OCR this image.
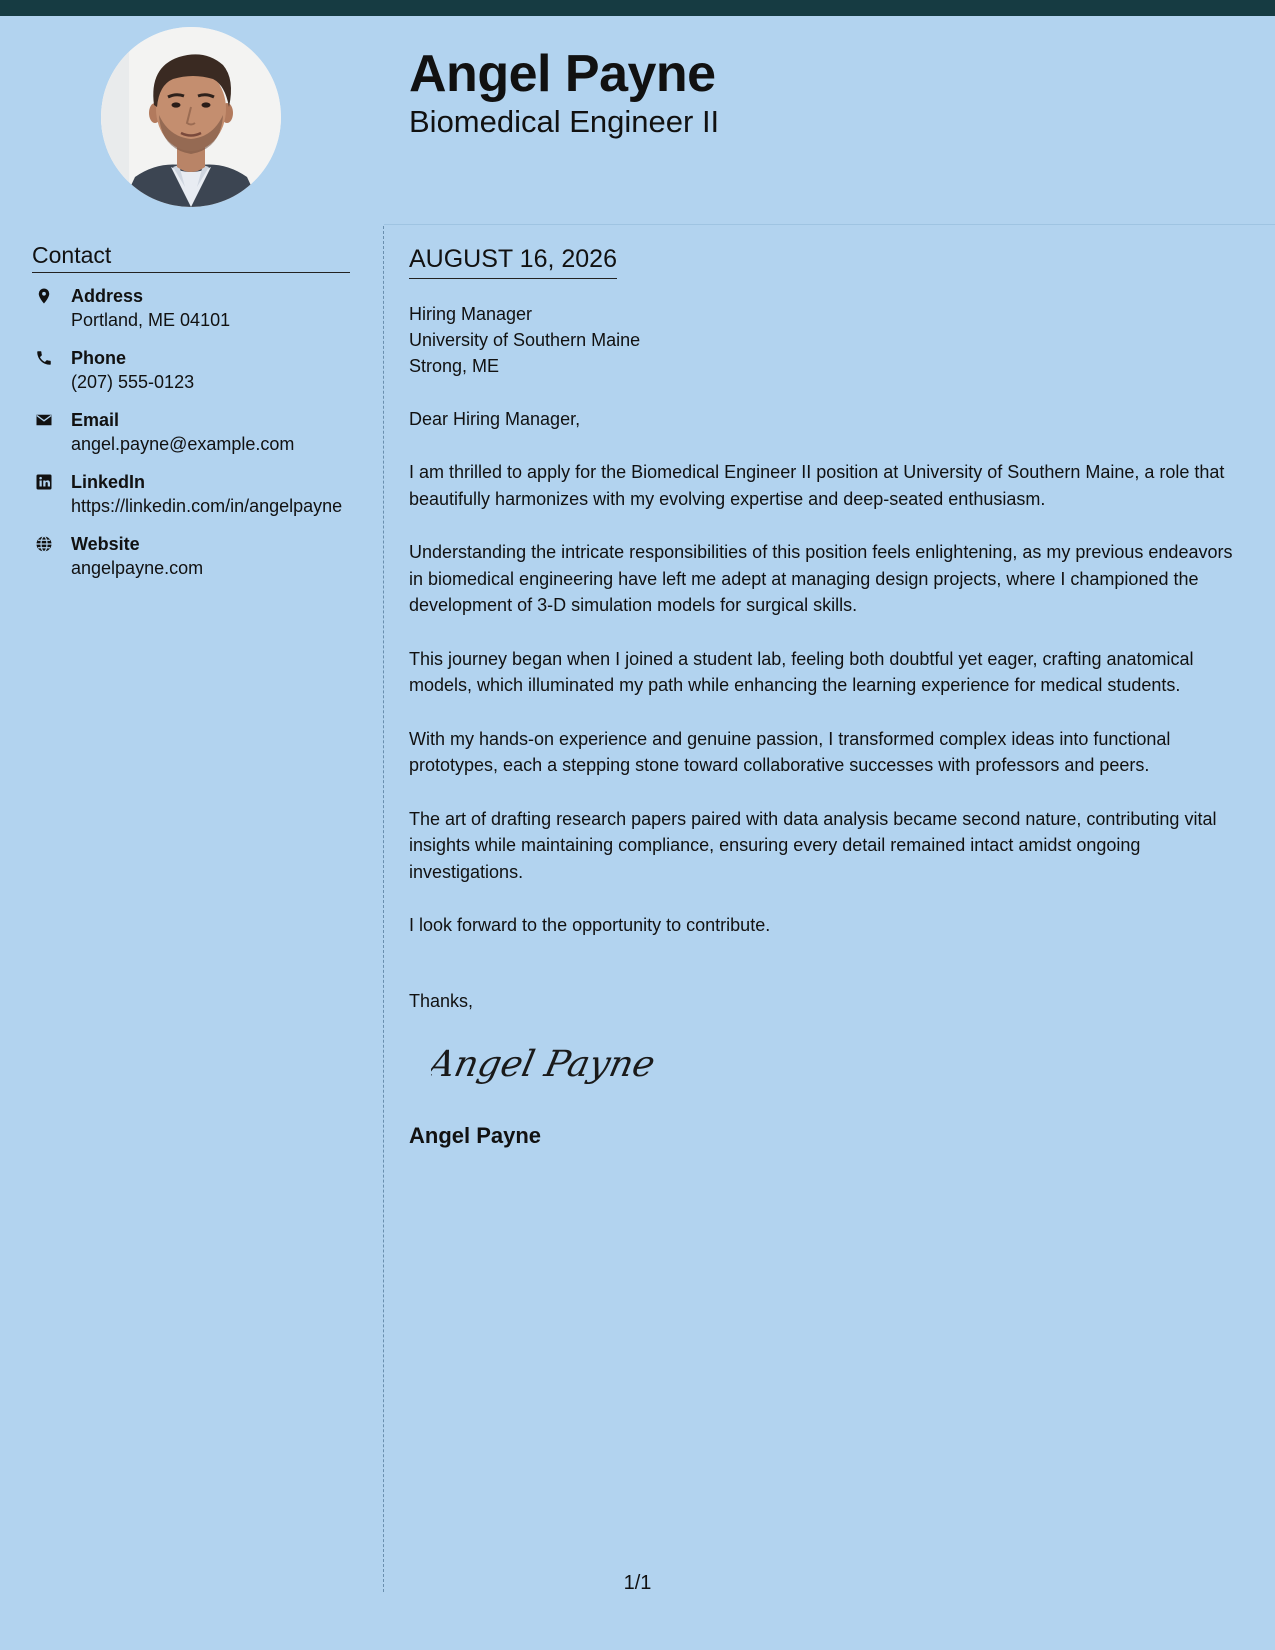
Angel Payne
Biomedical Engineer II
Contact
Address
Portland, ME 04101
Phone
(207) 555-0123
Email
angel.payne@example.com
LinkedIn
https://linkedin.com/in/angelpayne
Website
angelpayne.com
AUGUST 16, 2026
Hiring Manager
University of Southern Maine
Strong, ME
Dear Hiring Manager,

I am thrilled to apply for the Biomedical Engineer II position at University of Southern Maine, a role that beautifully harmonizes with my evolving expertise and deep-seated enthusiasm.

Understanding the intricate responsibilities of this position feels enlightening, as my previous endeavors in biomedical engineering have left me adept at managing design projects, where I championed the development of 3-D simulation models for surgical skills.

This journey began when I joined a student lab, feeling both doubtful yet eager, crafting anatomical models, which illuminated my path while enhancing the learning experience for medical students.

With my hands-on experience and genuine passion, I transformed complex ideas into functional prototypes, each a stepping stone toward collaborative successes with professors and peers.

The art of drafting research papers paired with data analysis became second nature, contributing vital insights while maintaining compliance, ensuring every detail remained intact amidst ongoing investigations.

I look forward to the opportunity to contribute.

Thanks,
Angel Payne
Angel Payne
1/1
